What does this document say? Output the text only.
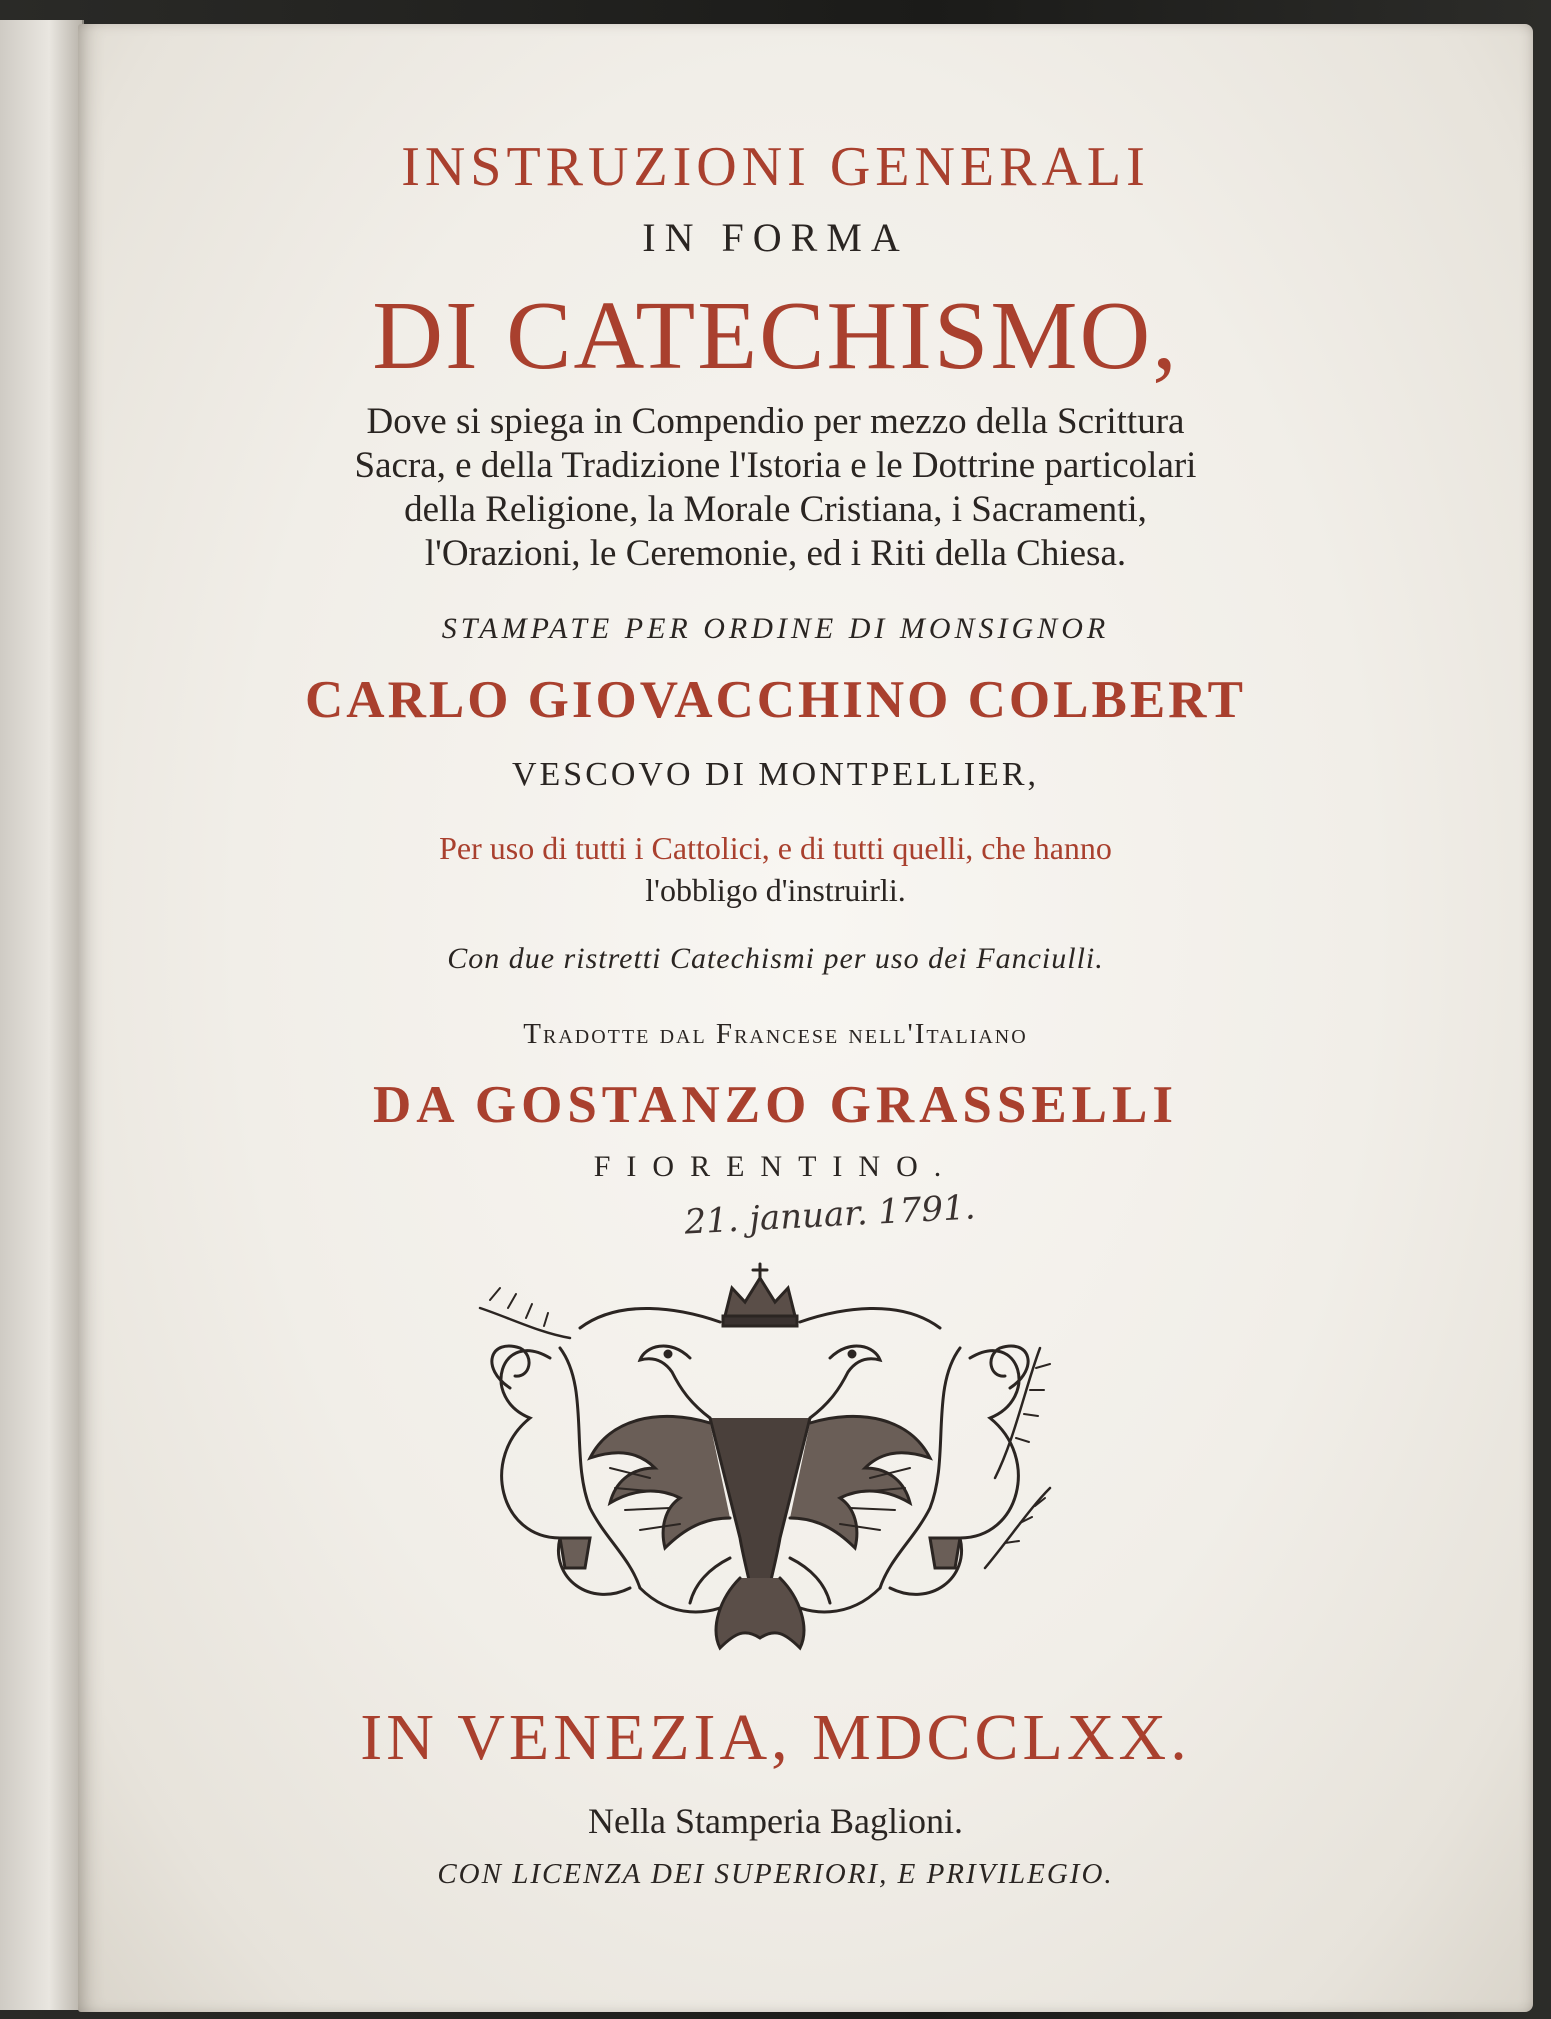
INSTRUZIONI GENERALI
IN FORMA
DI CATECHISMO,
Dove si spiega in Compendio per mezzo della Scrittura
Sacra, e della Tradizione l'Istoria e le Dottrine particolari
della Religione, la Morale Cristiana, i Sacramenti,
l'Orazioni, le Ceremonie, ed i Riti della Chiesa.
STAMPATE PER ORDINE DI MONSIGNOR
CARLO GIOVACCHINO COLBERT
VESCOVO DI MONTPELLIER,
Per uso di tutti i Cattolici, e di tutti quelli, che hanno
l'obbligo d'instruirli.
Con due ristretti Catechismi per uso dei Fanciulli.
Tradotte dal Francese nell'Italiano
DA GOSTANZO GRASSELLI
FIORENTINO.
21. januar. 1791.
IN VENEZIA, MDCCLXX.
Nella Stamperia Baglioni.
CON LICENZA DEI SUPERIORI, E PRIVILEGIO.
